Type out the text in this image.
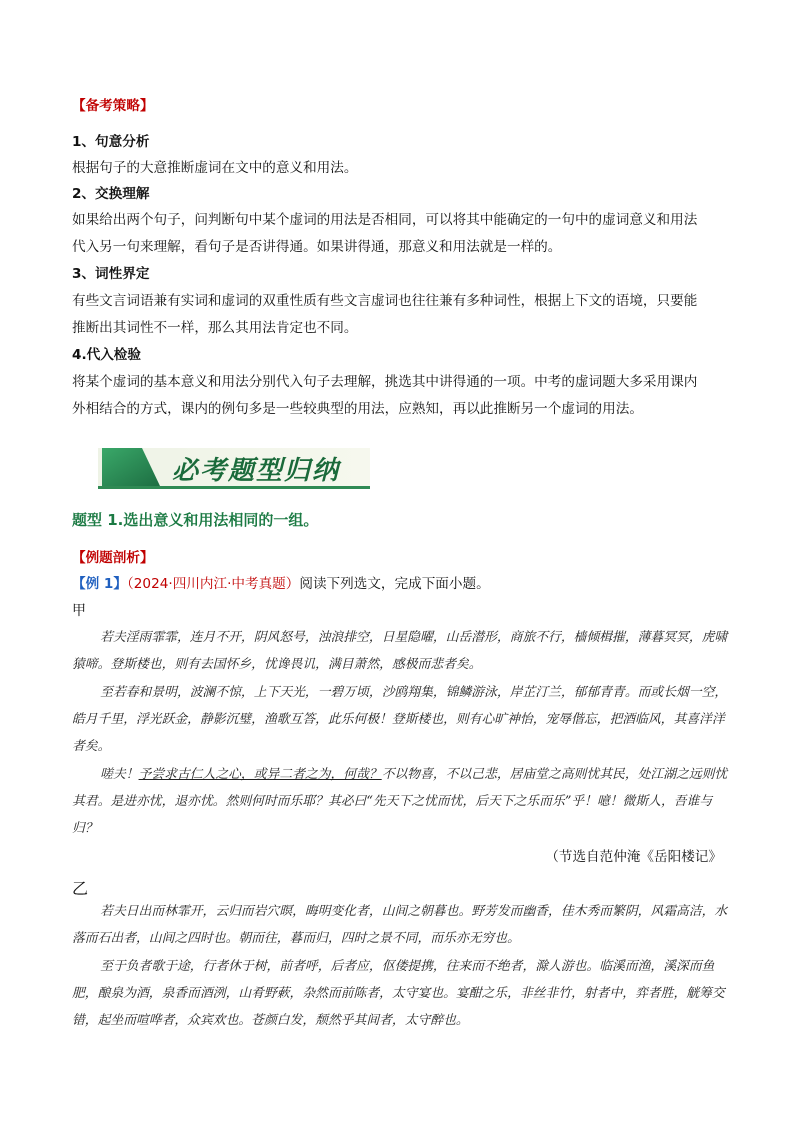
【备考策略】
1、句意分析
根据句子的大意推断虚词在文中的意义和用法。
2、交换理解
如果给出两个句子，问判断句中某个虚词的用法是否相同，可以将其中能确定的一句中的虚词意义和用法
代入另一句来理解，看句子是否讲得通。如果讲得通，那意义和用法就是一样的。
3、词性界定
有些文言词语兼有实词和虚词的双重性质有些文言虚词也往往兼有多种词性，根据上下文的语境，只要能
推断出其词性不一样，那么其用法肯定也不同。
4.代入检验
将某个虚词的基本意义和用法分别代入句子去理解，挑选其中讲得通的一项。中考的虚词题大多采用课内
外相结合的方式，课内的例句多是一些较典型的用法，应熟知，再以此推断另一个虚词的用法。
必考题型归纳
题型 1.选出意义和用法相同的一组。
【例题剖析】
【例 1】（2024·四川内江·中考真题）阅读下列选文，完成下面小题。
甲

若夫淫雨霏霏，连月不开，阴风怒号，浊浪排空，日星隐曜，山岳潜形，商旅不行，樯倾楫摧，薄暮冥冥，虎啸猿啼。登斯楼也，则有去国怀乡，忧谗畏讥，满目萧然，感极而悲者矣。

至若春和景明，波澜不惊，上下天光，一碧万顷，沙鸥翔集，锦鳞游泳，岸芷汀兰，郁郁青青。而或长烟一空，皓月千里，浮光跃金，静影沉璧，渔歌互答，此乐何极！登斯楼也，则有心旷神怡，宠辱偕忘，把酒临风，其喜洋洋者矣。

嗟夫！予尝求古仁人之心，或异二者之为，何哉？不以物喜，不以己悲，居庙堂之高则忧其民，处江湖之远则忧其君。是进亦忧，退亦忧。然则何时而乐耶？其必曰“先天下之忧而忧，后天下之乐而乐”乎！噫！微斯人，吾谁与归？

（节选自范仲淹《岳阳楼记》
乙

若夫日出而林霏开，云归而岩穴暝，晦明变化者，山间之朝暮也。野芳发而幽香，佳木秀而繁阴，风霜高洁，水落而石出者，山间之四时也。朝而往，暮而归，四时之景不同，而乐亦无穷也。

至于负者歌于途，行者休于树，前者呼，后者应，伛偻提携，往来而不绝者，滁人游也。临溪而渔，溪深而鱼肥，酿泉为酒，泉香而酒洌，山肴野蔌，杂然而前陈者，太守宴也。宴酣之乐，非丝非竹，射者中，弈者胜，觥筹交错，起坐而喧哗者，众宾欢也。苍颜白发，颓然乎其间者，太守醉也。
